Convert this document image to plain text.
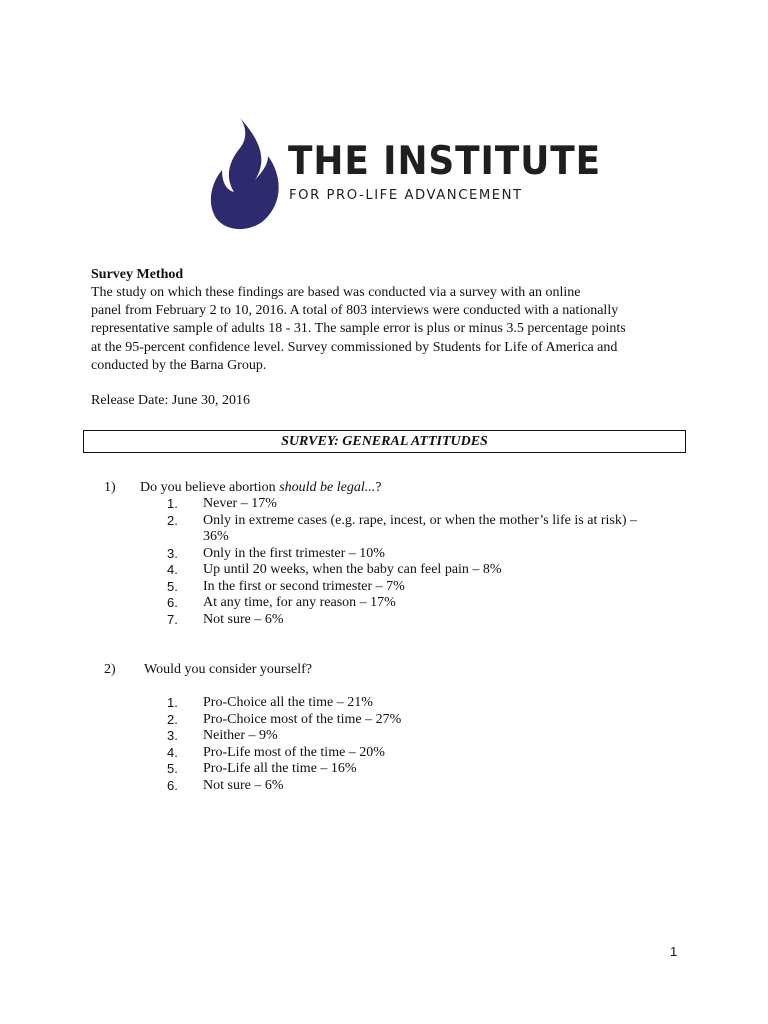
THE INSTITUTE
FOR PRO-LIFE ADVANCEMENT
Survey Method
The study on which these findings are based was conducted via a survey with an online
panel from February 2 to 10, 2016. A total of 803 interviews were conducted with a nationally
representative sample of adults 18 - 31. The sample error is plus or minus 3.5 percentage points
at the 95-percent confidence level. Survey commissioned by Students for Life of America and
conducted by the Barna Group.
Release Date: June 30, 2016
SURVEY: GENERAL ATTITUDES
1) Do you believe abortion should be legal...?
1.	Never – 17%
2.	Only in extreme cases (e.g. rape, incest, or when the mother’s life is at risk) – 36%
3.	Only in the first trimester – 10%
4.	Up until 20 weeks, when the baby can feel pain – 8%
5.	In the first or second trimester – 7%
6.	At any time, for any reason – 17%
7.	Not sure – 6%
2) Would you consider yourself?
1.	Pro-Choice all the time – 21%
2.	Pro-Choice most of the time – 27%
3.	Neither – 9%
4.	Pro-Life most of the time – 20%
5.	Pro-Life all the time – 16%
6.	Not sure – 6%
1
